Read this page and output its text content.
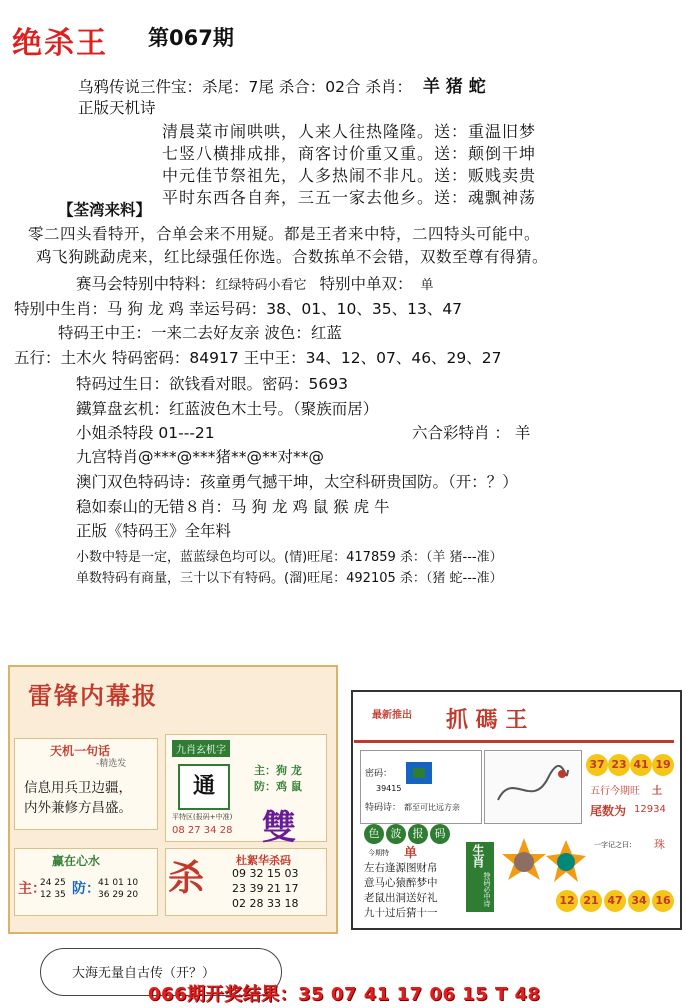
绝杀王 第067期
乌鸦传说三件宝：杀尾：7尾 杀合：02合 杀肖： 羊 猪 蛇
正版天机诗
清晨菜市闹哄哄，人来人往热隆隆。送：重温旧梦
七竖八横排成排，商客讨价重又重。送：颠倒干坤
中元佳节祭祖先，人多热闹不非凡。送：贩贱卖贵
平时东西各自奔，三五一家去他乡。送：魂飘神荡
【荃湾来料】
零二四头看特开，合单会来不用疑。都是王者来中特，二四特头可能中。
鸡飞狗跳勐虎来，红比绿强任你选。合数拣单不会错，双数至尊有得猜。
赛马会特别中特料：红绿特码小看它 特别中单双： 单
特别中生肖：马 狗 龙 鸡 幸运号码：38、01、10、35、13、47
特码王中王：一来二去好友亲 波色：红蓝
五行：土木火 特码密码：84917 王中王：34、12、07、46、29、27
特码过生日：欲钱看对眼。密码：5693
鐵算盘玄机：红蓝波色木土号。（聚族而居）
小姐杀特段 01---21	六合彩特肖 ： 羊
九宫特肖@***@***猪**@**对**@
澳门双色特码诗：孩童勇气撼干坤，太空科研贵国防。（开：？）
稳如泰山的无错８肖：马 狗 龙 鸡 鼠 猴 虎 牛
正版《特码王》全年料
小数中特是一定，蓝蓝绿色均可以。(情)旺尾：417859 杀：（羊 猪---准）
单数特码有商量，三十以下有特码。(溜)旺尾：492105 杀：（猪 蛇---准）
雷锋内幕报
天机一句话
-精选发
信息用兵卫边疆，
内外兼修方昌盛。
九肖玄机字
通
主：狗 龙
防：鸡 鼠
平特区(报码+中准)
08 27 34 28 雙
赢在心水
主：
24 25
12 35 防：
41 01 10
36 29 20 杀	杜絮华杀码
09 32 15 03
23 39 21 17
02 28 33 18
最新推出 抓 碼 王
密码：
39415
特码诗： 都至可比远方亲
37 23 41 19
五行今期旺 土
尾数为 12934
色	波	报	码
今期特 单
左右逢源图财帛
意马心猿醉梦中
老鼠出洞送好礼
九十过后猜十一
生肖
特码必中诗
一字记之曰： 珠
12 21 47 34 16
大海无量自古传（开？）
066期开奖结果：35 07 41 17 06 15 T 48
